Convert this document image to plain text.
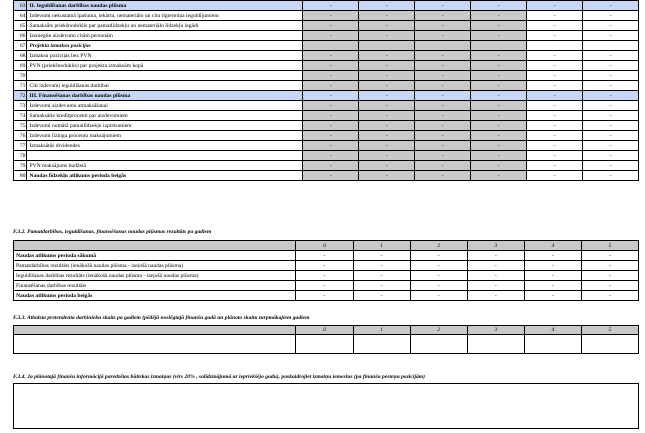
63	II. Ieguldīšanas darbības naudas plūsma	-	-	-	-	-	-
64	Izdevumi nekustamā īpašuma, iekārtu, nemateriālo un citu ilgtermiņa ieguldījumiem	-	-	-	-	-	-
65	Samaksāts priekšnodoklis par pamatlīdzekļu un nemateriālo līdzekļu iegādi	-	-	-	-	-	-
66	Izsniegtie aizdevumi citām personām	-	-	-	-	-	-
67	Projekta izmaksu pozīcijas						
68	Izmaksu pozīcijas bez PVN	-	-	-	-	-	-
69	PVN (priekšnodoklis) par projekta izmaksām kopā	-	-	-	-	-	-
70		-	-	-	-	-	-
71	Citi izdevumi ieguldīšanas darbībai	-	-	-	-	-	-
72	III. Finansēšanas darbības naudas plūsma	-	-	-	-	-	-
73	Izdevumi aizdevumu atmaksāšanai	-	-	-	-	-	-
74	Samaksātie kredītprocenti par aizdevumiem	-	-	-	-	-	-
75	Izdevumi nomātā pamatlīdzekļu izpirkumiem	-	-	-	-	-	-
76	Izdevumi līzinga procentu maksājumiem	-	-	-	-	-	-
77	Izmaksātās dividendes	-	-	-	-	-	-
78		-	-	-	-	-	-
79	PVN maksājums budžetā	-	-	-	-	-	-
80	Naudas līdzekļu atlikums perioda beigās	-	-	-	-	-	-
F.3.2. Pamatdarbības, ieguldīšanas, finansēšanas naudas plūsmas rezultāts pa gadiem
	0	1	2	3	4	5
Naudas atlikums perioda sākumā	-	-	-	-	-	-
Pamatdarbības rezultāts (ienākošā naudas plūsma - izejošā naudas plūsma)	-	-	-	-	-	-
Ieguldīšanas darbības rezultāts (ienākošā naudas plūsma - izejošā naudas plūsma)	-	-	-	-	-	-
Finansēšanas darbības rezultāts	-	-	-	-	-	-
Naudas atlikums perioda beigās	-	-	-	-	-	-
F.3.3. Atbalsta pretendenta darbinieku skaits pa gadiem (pēdējā noslēgtajā finanšu gadā un plānoto skaitu turpmākajiem gadiem
	0	1	2	3	4	5

F.3.4. Ja plānotajā finanšu informācijā paredzētas būtiskas izmaiņas (virs 20% , salīdzinājumā ar iepriekšējo gadu), paskaidrojiet izmaiņu iemeslus (pa finanšu pesteņu pozīcijām)
